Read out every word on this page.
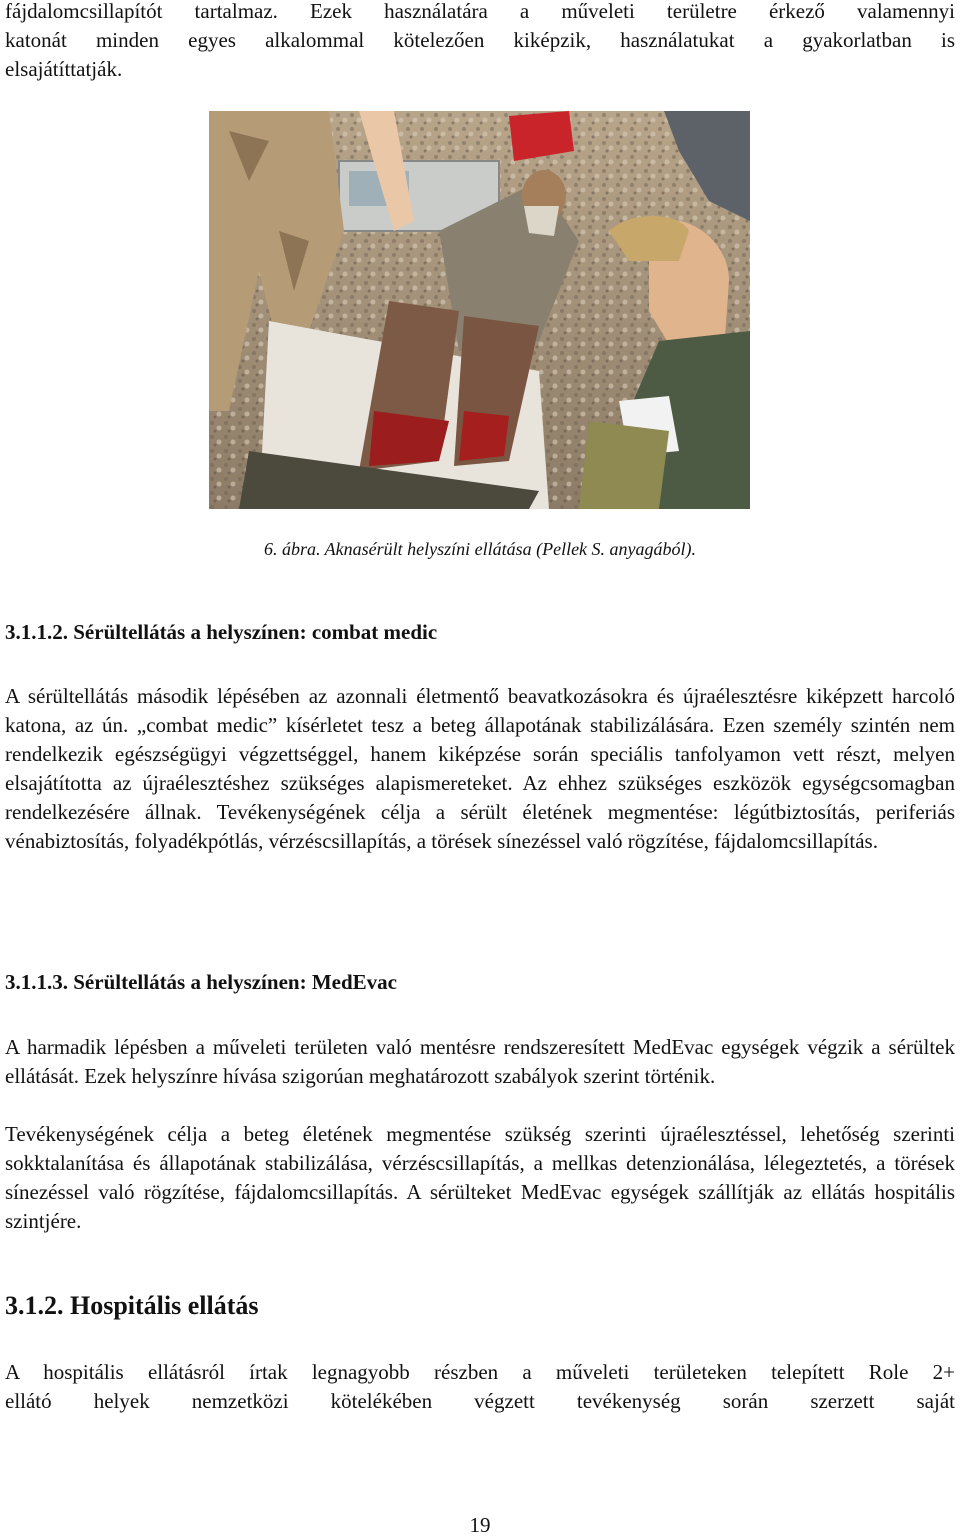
fájdalomcsillapítót tartalmaz. Ezek használatára a műveleti területre érkező valamennyi

katonát minden egyes alkalommal kötelezően kiképzik, használatukat a gyakorlatban is

elsajátíttatják.

6. ábra. Aknasérült helyszíni ellátása (Pellek S. anyagából).

3.1.1.2. Sérültellátás a helyszínen: combat medic

A sérültellátás második lépésében az azonnali életmentő beavatkozásokra és újraélesztésre kiképzett harcoló katona, az ún. „combat medic” kísérletet tesz a beteg állapotának stabilizálására. Ezen személy szintén nem rendelkezik egészségügyi végzettséggel, hanem kiképzése során speciális tanfolyamon vett részt, melyen elsajátította az újraélesztéshez szükséges alapismereteket. Az ehhez szükséges eszközök egységcsomagban rendelkezésére állnak. Tevékenységének célja a sérült életének megmentése: légútbiztosítás, periferiás vénabiztosítás, folyadékpótlás, vérzéscsillapítás, a törések sínezéssel való rögzítése, fájdalomcsillapítás.

3.1.1.3. Sérültellátás a helyszínen: MedEvac

A harmadik lépésben a műveleti területen való mentésre rendszeresített MedEvac egységek végzik a sérültek ellátását. Ezek helyszínre hívása szigorúan meghatározott szabályok szerint történik.

Tevékenységének célja a beteg életének megmentése szükség szerinti újraélesztéssel, lehetőség szerinti sokktalanítása és állapotának stabilizálása, vérzéscsillapítás, a mellkas detenzionálása, lélegeztetés, a törések sínezéssel való rögzítése, fájdalomcsillapítás. A sérülteket MedEvac egységek szállítják az ellátás hospitális szintjére.

3.1.2. Hospitális ellátás

A hospitális ellátásról írtak legnagyobb részben a műveleti területeken telepített Role 2+

ellátó helyek nemzetközi kötelékében végzett tevékenység során szerzett saját

19
